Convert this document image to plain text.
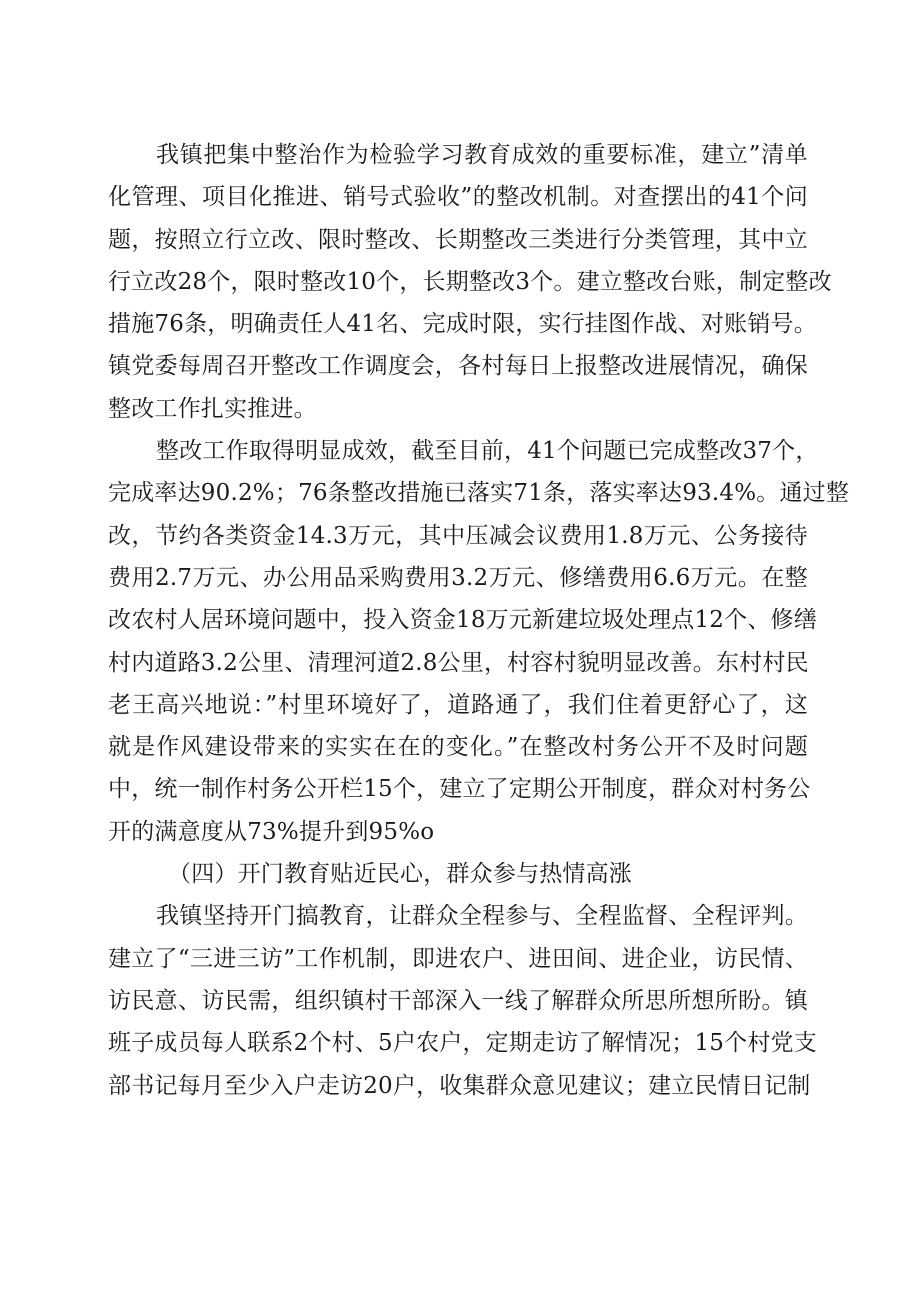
我镇把集中整治作为检验学习教育成效的重要标准，建立”清单
化管理、项目化推进、销号式验收”的整改机制。对查摆出的41个问
题，按照立行立改、限时整改、长期整改三类进行分类管理，其中立
行立改28个，限时整改10个，长期整改3个。建立整改台账，制定整改
措施76条，明确责任人41名、完成时限，实行挂图作战、对账销号。
镇党委每周召开整改工作调度会，各村每日上报整改进展情况，确保
整改工作扎实推进。

整改工作取得明显成效，截至目前，41个问题已完成整改37个，
完成率达90.2%；76条整改措施已落实71条，落实率达93.4%。通过整
改，节约各类资金14.3万元，其中压减会议费用1.8万元、公务接待
费用2.7万元、办公用品采购费用3.2万元、修缮费用6.6万元。在整
改农村人居环境问题中，投入资金18万元新建垃圾处理点12个、修缮
村内道路3.2公里、清理河道2.8公里，村容村貌明显改善。东村村民
老王高兴地说：”村里环境好了，道路通了，我们住着更舒心了，这
就是作风建设带来的实实在在的变化。”在整改村务公开不及时问题
中，统一制作村务公开栏15个，建立了定期公开制度，群众对村务公
开的满意度从73%提升到95%o

（四）开门教育贴近民心，群众参与热情高涨

我镇坚持开门搞教育，让群众全程参与、全程监督、全程评判。
建立了“三进三访”工作机制，即进农户、进田间、进企业，访民情、
访民意、访民需，组织镇村干部深入一线了解群众所思所想所盼。镇
班子成员每人联系2个村、5户农户，定期走访了解情况；15个村党支
部书记每月至少入户走访20户，收集群众意见建议；建立民情日记制
